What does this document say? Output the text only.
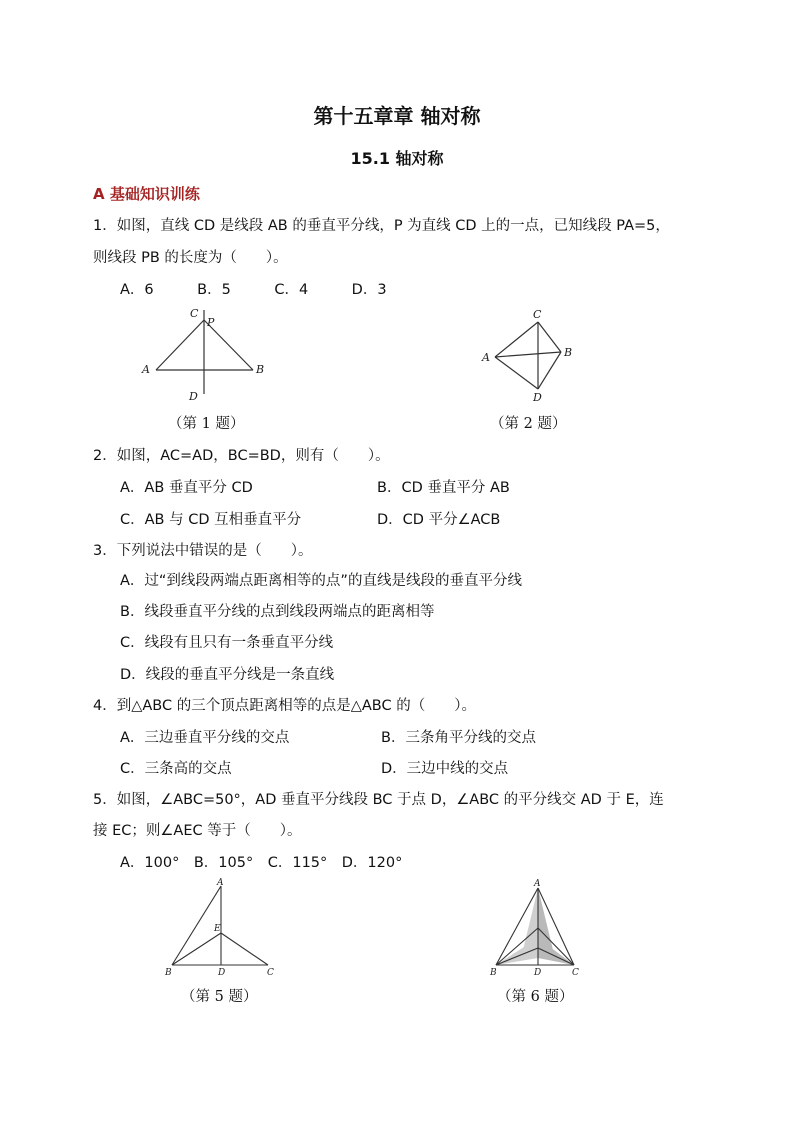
第十五章章 轴对称
15.1 轴对称
A 基础知识训练
1．如图，直线 CD 是线段 AB 的垂直平分线，P 为直线 CD 上的一点，已知线段 PA=5，
则线段 PB 的长度为（　　）。
A．6　　　B．5　　　C．4　　　D．3
C
P
A	B
D
（第 1 题）
C
A	B
D
（第 2 题）
2．如图，AC=AD，BC=BD，则有（　　）。
A．AB 垂直平分 CD	B．CD 垂直平分 AB
C．AB 与 CD 互相垂直平分	D．CD 平分∠ACB
3．下列说法中错误的是（　　）。
A．过“到线段两端点距离相等的点”的直线是线段的垂直平分线
B．线段垂直平分线的点到线段两端点的距离相等
C．线段有且只有一条垂直平分线
D．线段的垂直平分线是一条直线
4．到△ABC 的三个顶点距离相等的点是△ABC 的（　　）。
A．三边垂直平分线的交点	B．三条角平分线的交点
C．三条高的交点	D．三边中线的交点
5．如图，∠ABC=50°，AD 垂直平分线段 BC 于点 D，∠ABC 的平分线交 AD 于 E，连
接 EC；则∠AEC 等于（　　）。
A．100°　B．105°　C．115°　D．120°
A
E
B	D	C
（第 5 题）
A
B	D	C
（第 6 题）
